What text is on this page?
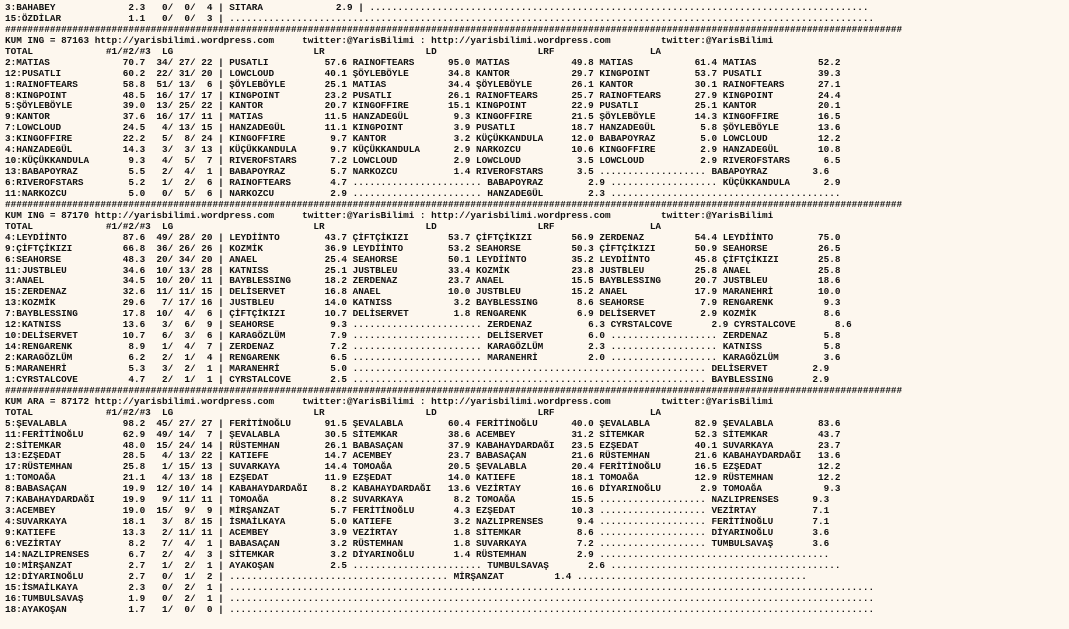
3:BAHABEY             2.3   0/  0/  4 | SITARA             2.9 | .........................................................................................
15:ÖZDİLAR            1.1   0/  0/  3 | ...................................................................................................................
################################################################################################################################################################
KUM ING = 87163 http://yarisbilimi.wordpress.com     twitter:@YarisBilimi : http://yarisbilimi.wordpress.com         twitter:@YarisBilimi
TOTAL             #1/#2/#3  LG                         LR                  LD                  LRF                 LA
2:MATIAS             70.7  34/ 27/ 22 | PUSATLI          57.6 RAINOFTEARS      95.0 MATIAS           49.8 MATIAS           61.4 MATIAS           52.2
12:PUSATLI           60.2  22/ 31/ 20 | LOWCLOUD         40.1 ŞÖYLEBÖYLE       34.8 KANTOR           29.7 KINGPOINT        53.7 PUSATLI          39.3
1:RAINOFTEARS        58.8  51/ 13/  6 | ŞÖYLEBÖYLE       25.1 MATIAS           34.4 ŞÖYLEBÖYLE       26.1 KANTOR           30.1 RAINOFTEARS      27.1
8:KINGPOINT          48.5  16/ 17/ 17 | KINGPOINT        23.2 PUSATLI          26.1 RAINOFTEARS      25.7 RAINOFTEARS      27.9 KINGPOINT        24.4
5:ŞÖYLEBÖYLE         39.0  13/ 25/ 22 | KANTOR           20.7 KINGOFFIRE       15.1 KINGPOINT        22.9 PUSATLI          25.1 KANTOR           20.1
9:KANTOR             37.6  16/ 17/ 11 | MATIAS           11.5 HANZADEGÜL        9.3 KINGOFFIRE       21.5 ŞÖYLEBÖYLE       14.3 KINGOFFIRE       16.5
7:LOWCLOUD           24.5   4/ 13/ 15 | HANZADEGÜL       11.1 KINGPOINT         3.9 PUSATLI          18.7 HANZADEGÜL        5.8 ŞÖYLEBÖYLE       13.6
3:KINGOFFIRE         22.2   5/  8/ 24 | KINGOFFIRE        9.7 KANTOR            3.2 KÜÇÜKKANDULA     12.0 BABAPOYRAZ        5.0 LOWCLOUD         12.2
4:HANZADEGÜL         14.3   3/  3/ 13 | KÜÇÜKKANDULA      9.7 KÜÇÜKKANDULA      2.9 NARKOZCU         10.6 KINGOFFIRE        2.9 HANZADEGÜL       10.8
10:KÜÇÜKKANDULA       9.3   4/  5/  7 | RIVEROFSTARS      7.2 LOWCLOUD          2.9 LOWCLOUD          3.5 LOWCLOUD          2.9 RIVEROFSTARS      6.5
13:BABAPOYRAZ         5.5   2/  4/  1 | BABAPOYRAZ        5.7 NARKOZCU          1.4 RIVEROFSTARS      3.5 ................... BABAPOYRAZ        3.6
6:RIVEROFSTARS        5.2   1/  2/  6 | RAINOFTEARS       4.7 ....................... BABAPOYRAZ        2.9 ................... KÜÇÜKKANDULA      2.9
11:NARKOZCU           5.0   0/  5/  6 | NARKOZCU          2.9 ....................... HANZADEGÜL        2.3 .........................................
################################################################################################################################################################
KUM ING = 87170 http://yarisbilimi.wordpress.com     twitter:@YarisBilimi : http://yarisbilimi.wordpress.com         twitter:@YarisBilimi
TOTAL             #1/#2/#3  LG                         LR                  LD                  LRF                 LA
4:LEYDİİNTO          87.6  49/ 28/ 20 | LEYDİİNTO        43.7 ÇİFTÇİKIZI       53.7 ÇİFTÇİKIZI       56.9 ZERDENAZ         54.4 LEYDİİNTO        75.0
9:ÇİFTÇİKIZI         66.8  36/ 26/ 26 | KOZMİK           36.9 LEYDİİNTO        53.2 SEAHORSE         50.3 ÇİFTÇİKIZI       50.9 SEAHORSE         26.5
6:SEAHORSE           48.3  20/ 34/ 20 | ANAEL            25.4 SEAHORSE         50.1 LEYDİİNTO        35.2 LEYDİİNTO        45.8 ÇİFTÇİKIZI       25.8
11:JUSTBLEU          34.6  10/ 13/ 28 | KATNISS          25.1 JUSTBLEU         33.4 KOZMİK           23.8 JUSTBLEU         25.8 ANAEL            25.8
3:ANAEL              34.5  10/ 20/ 11 | BAYBLESSING      18.2 ZERDENAZ         23.7 ANAEL            15.5 BAYBLESSING      20.7 JUSTBLEU         18.6
15:ZERDENAZ          32.6  11/ 11/ 15 | DELİSERVET       16.8 ANAEL            10.0 JUSTBLEU         15.2 ANAEL            17.9 MARANEHRİ        10.0
13:KOZMİK            29.6   7/ 17/ 16 | JUSTBLEU         14.0 KATNISS           3.2 BAYBLESSING       8.6 SEAHORSE          7.9 RENGARENK         9.3
7:BAYBLESSING        17.8  10/  4/  6 | ÇİFTÇİKIZI       10.7 DELİSERVET        1.8 RENGARENK         6.9 DELİSERVET        2.9 KOZMİK            8.6
12:KATNISS           13.6   3/  6/  9 | SEAHORSE          9.3 ....................... ZERDENAZ          6.3 CYRSTALCOVE       2.9 CYRSTALCOVE       8.6
10:DELİSERVET        10.7   6/  3/  6 | KARAGÖZLÜM        7.9 ....................... DELİSERVET        6.0 ................... ZERDENAZ          5.8
14:RENGARENK          8.9   1/  4/  7 | ZERDENAZ          7.2 ....................... KARAGÖZLÜM        2.3 ................... KATNISS           5.8
2:KARAGÖZLÜM          6.2   2/  1/  4 | RENGARENK         6.5 ....................... MARANEHRİ         2.0 ................... KARAGÖZLÜM        3.6
5:MARANEHRİ           5.3   3/  2/  1 | MARANEHRİ         5.0 ............................................................... DELİSERVET        2.9
1:CYRSTALCOVE         4.7   2/  1/  1 | CYRSTALCOVE       2.5 ............................................................... BAYBLESSING       2.9
################################################################################################################################################################
KUM ARA = 87172 http://yarisbilimi.wordpress.com     twitter:@YarisBilimi : http://yarisbilimi.wordpress.com         twitter:@YarisBilimi
TOTAL             #1/#2/#3  LG                         LR                  LD                  LRF                 LA
5:ŞEVALABLA          98.2  45/ 27/ 27 | FERİTİNOĞLU      91.5 ŞEVALABLA        60.4 FERİTİNOĞLU      40.0 ŞEVALABLA        82.9 ŞEVALABLA        83.6
11:FERİTİNOĞLU       62.9  49/ 14/  7 | ŞEVALABLA        30.5 SİTEMKAR         38.6 ACEMBEY          31.2 SİTEMKAR         52.3 SİTEMKAR         43.7
2:SİTEMKAR           48.0  15/ 24/ 14 | RÜSTEMHAN        26.1 BABASAÇAN        37.9 KABAHAYDARDAĞI   23.5 EZŞEDAT          40.1 SUVARKAYA        23.7
13:EZŞEDAT           28.5   4/ 13/ 22 | KATIEFE          14.7 ACEMBEY          23.7 BABASAÇAN        21.6 RÜSTEMHAN        21.6 KABAHAYDARDAĞI   13.6
17:RÜSTEMHAN         25.8   1/ 15/ 13 | SUVARKAYA        14.4 TOMOAĞA          20.5 ŞEVALABLA        20.4 FERİTİNOĞLU      16.5 EZŞEDAT          12.2
1:TOMOAĞA            21.1   4/ 13/ 18 | EZŞEDAT          11.9 EZŞEDAT          14.0 KATIEFE          18.1 TOMOAĞA          12.9 RÜSTEMHAN        12.2
8:BABASAÇAN          19.9  12/ 10/ 14 | KABAHAYDARDAĞI    8.2 KABAHAYDARDAĞI   13.6 VEZİRTAY         16.6 DİYARINOĞLU       2.9 TOMOAĞA           9.3
7:KABAHAYDARDAĞI     19.9   9/ 11/ 11 | TOMOAĞA           8.2 SUVARKAYA         8.2 TOMOAĞA          15.5 ................... NAZLIPRENSES      9.3
3:ACEMBEY            19.0  15/  9/  9 | MİRŞANZAT         5.7 FERİTİNOĞLU       4.3 EZŞEDAT          10.3 ................... VEZİRTAY          7.1
4:SUVARKAYA          18.1   3/  8/ 15 | İSMAİLKAYA        5.0 KATIEFE           3.2 NAZLIPRENSES      9.4 ................... FERİTİNOĞLU       7.1
9:KATIEFE            13.3   2/ 11/ 11 | ACEMBEY           3.9 VEZİRTAY          1.8 SİTEMKAR          8.6 ................... DİYARINOĞLU       3.6
6:VEZİRTAY            8.2   7/  4/  1 | BABASAÇAN         3.2 RÜSTEMHAN         1.8 SUVARKAYA         7.2 ................... TUMBULSAVAŞ       3.6
14:NAZLIPRENSES       6.7   2/  4/  3 | SİTEMKAR          3.2 DİYARINOĞLU       1.4 RÜSTEMHAN         2.9 .........................................
10:MİRŞANZAT          2.7   1/  2/  1 | AYAKOŞAN          2.5 ....................... TUMBULSAVAŞ       2.6 .........................................
12:DİYARINOĞLU        2.7   0/  1/  2 | ....................................... MİRŞANZAT         1.4 .........................................
15:İSMAİLKAYA         2.3   0/  2/  1 | ...................................................................................................................
16:TUMBULSAVAŞ        1.9   0/  2/  1 | ...................................................................................................................
18:AYAKOŞAN           1.7   1/  0/  0 | ...................................................................................................................
